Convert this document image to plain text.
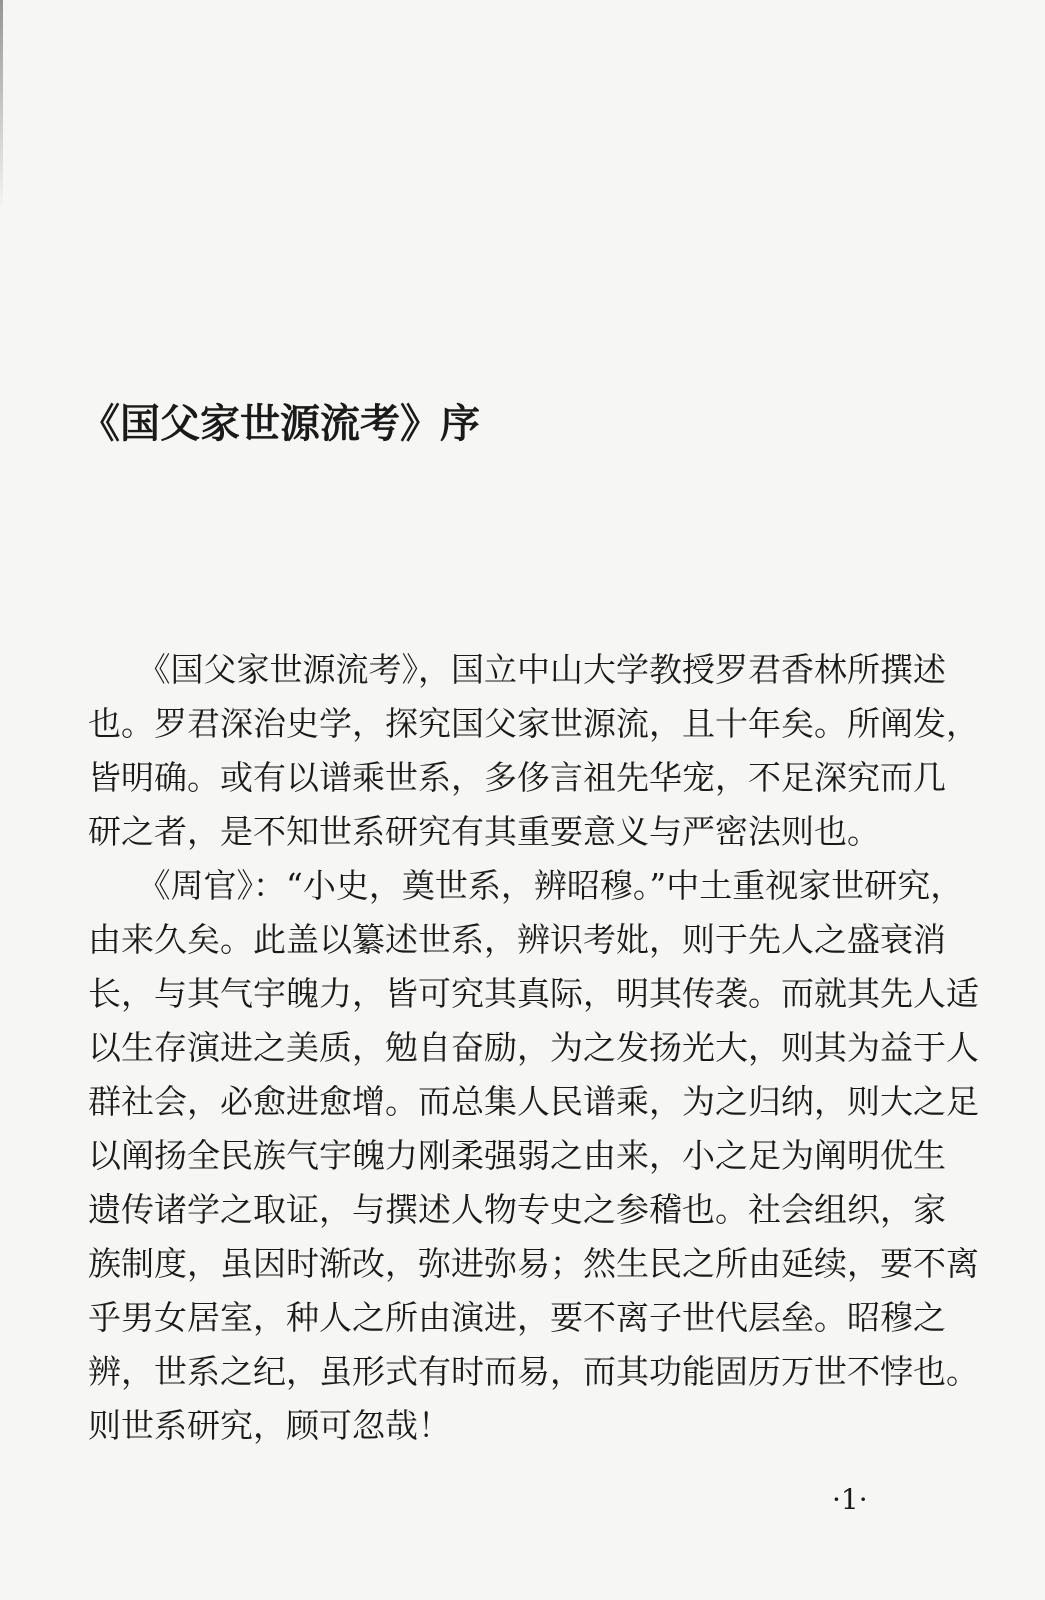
《国父家世源流考》序
　　《国父家世源流考》，国立中山大学教授罗君香林所撰述
也。罗君深治史学，探究国父家世源流，且十年矣。所阐发，
皆明确。或有以谱乘世系，多侈言祖先华宠，不足深究而几
研之者，是不知世系研究有其重要意义与严密法则也。
　　《周官》：“小史，奠世系，辨昭穆。”中土重视家世研究，
由来久矣。此盖以纂述世系，辨识考妣，则于先人之盛衰消
长，与其气宇魄力，皆可究其真际，明其传袭。而就其先人适
以生存演进之美质，勉自奋励，为之发扬光大，则其为益于人
群社会，必愈进愈增。而总集人民谱乘，为之归纳，则大之足
以阐扬全民族气宇魄力刚柔强弱之由来，小之足为阐明优生
遗传诸学之取证，与撰述人物专史之参稽也。社会组织，家
族制度，虽因时渐改，弥进弥易；然生民之所由延续，要不离
乎男女居室，种人之所由演进，要不离子世代层垒。昭穆之
辨，世系之纪，虽形式有时而易，而其功能固历万世不悖也。
则世系研究，顾可忽哉！
·1·
